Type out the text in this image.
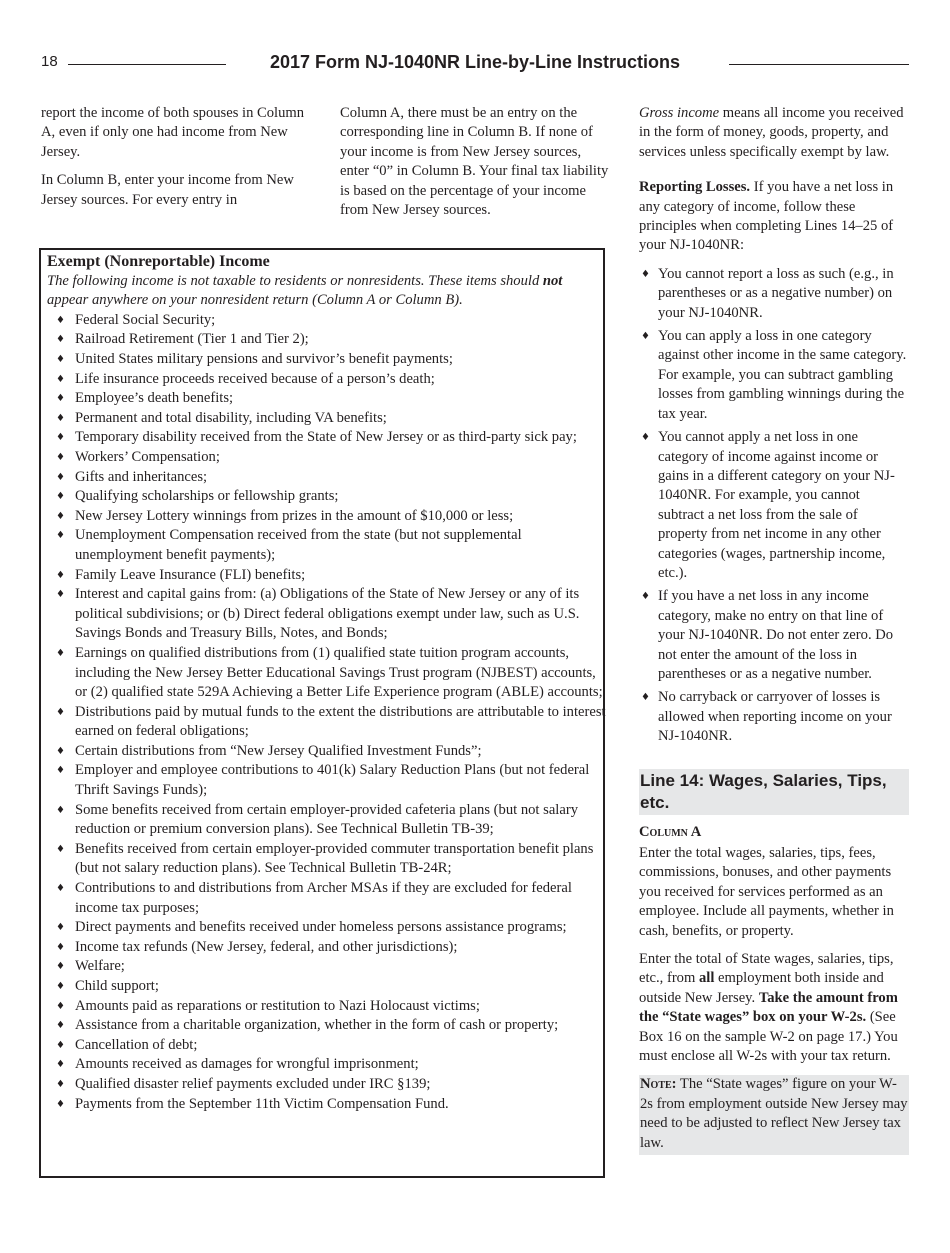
18	2017 Form NJ-1040NR Line-by-Line Instructions

report the income of both spouses in Column A, even if only one had income from New Jersey.

In Column B, enter your income from New Jersey sources. For every entry in

Column A, there must be an entry on the corresponding line in Column B. If none of your income is from New Jersey sources, enter “0” in Column B. Your final tax liability is based on the percentage of your income from New Jersey sources.

Exempt (Nonreportable) Income
The following income is not taxable to residents or nonresidents. These items should not appear anywhere on your nonresident return (Column A or Column B).
♦ Federal Social Security;
♦ Railroad Retirement (Tier 1 and Tier 2);
♦ United States military pensions and survivor’s benefit payments;
♦ Life insurance proceeds received because of a person’s death;
♦ Employee’s death benefits;
♦ Permanent and total disability, including VA benefits;
♦ Temporary disability received from the State of New Jersey or as third-party sick pay;
♦ Workers’ Compensation;
♦ Gifts and inheritances;
♦ Qualifying scholarships or fellowship grants;
♦ New Jersey Lottery winnings from prizes in the amount of $10,000 or less;
♦ Unemployment Compensation received from the state (but not supplemental unemployment benefit payments);
♦ Family Leave Insurance (FLI) benefits;
♦ Interest and capital gains from: (a) Obligations of the State of New Jersey or any of its political subdivisions; or (b) Direct federal obligations exempt under law, such as U.S. Savings Bonds and Treasury Bills, Notes, and Bonds;
♦ Earnings on qualified distributions from (1) qualified state tuition program accounts, including the New Jersey Better Educational Savings Trust program (NJBEST) accounts, or (2) qualified state 529A Achieving a Better Life Experience program (ABLE) accounts;
♦ Distributions paid by mutual funds to the extent the distributions are attributable to interest earned on federal obligations;
♦ Certain distributions from “New Jersey Qualified Investment Funds”;
♦ Employer and employee contributions to 401(k) Salary Reduction Plans (but not federal Thrift Savings Funds);
♦ Some benefits received from certain employer-provided cafeteria plans (but not salary reduction or premium conversion plans). See Technical Bulletin TB-39;
♦ Benefits received from certain employer-provided commuter transportation benefit plans (but not salary reduction plans). See Technical Bulletin TB-24R;
♦ Contributions to and distributions from Archer MSAs if they are excluded for federal income tax purposes;
♦ Direct payments and benefits received under homeless persons assistance programs;
♦ Income tax refunds (New Jersey, federal, and other jurisdictions);
♦ Welfare;
♦ Child support;
♦ Amounts paid as reparations or restitution to Nazi Holocaust victims;
♦ Assistance from a charitable organization, whether in the form of cash or property;
♦ Cancellation of debt;
♦ Amounts received as damages for wrongful imprisonment;
♦ Qualified disaster relief payments excluded under IRC §139;
♦ Payments from the September 11th Victim Compensation Fund.

Gross income means all income you received in the form of money, goods, property, and services unless specifically exempt by law.

Reporting Losses. If you have a net loss in any category of income, follow these principles when completing Lines 14–25 of your NJ-1040NR:

♦ You cannot report a loss as such (e.g., in parentheses or as a negative number) on your NJ-1040NR.
♦ You can apply a loss in one category against other income in the same category. For example, you can subtract gambling losses from gambling winnings during the tax year.
♦ You cannot apply a net loss in one category of income against income or gains in a different category on your NJ-1040NR. For example, you cannot subtract a net loss from the sale of property from net income in any other categories (wages, partnership income, etc.).
♦ If you have a net loss in any income category, make no entry on that line of your NJ-1040NR. Do not enter zero. Do not enter the amount of the loss in parentheses or as a negative number.
♦ No carryback or carryover of losses is allowed when reporting income on your NJ-1040NR.
Line 14: Wages, Salaries, Tips, etc.
Column A

Enter the total wages, salaries, tips, fees, commissions, bonuses, and other payments you received for services performed as an employee. Include all payments, whether in cash, benefits, or property.

Enter the total of State wages, salaries, tips, etc., from all employment both inside and outside New Jersey. Take the amount from the “State wages” box on your W-2s. (See Box 16 on the sample W-2 on page 17.) You must enclose all W-2s with your tax return.

Note: The “State wages” figure on your W-2s from employment outside New Jersey may need to be adjusted to reflect New Jersey tax law.
